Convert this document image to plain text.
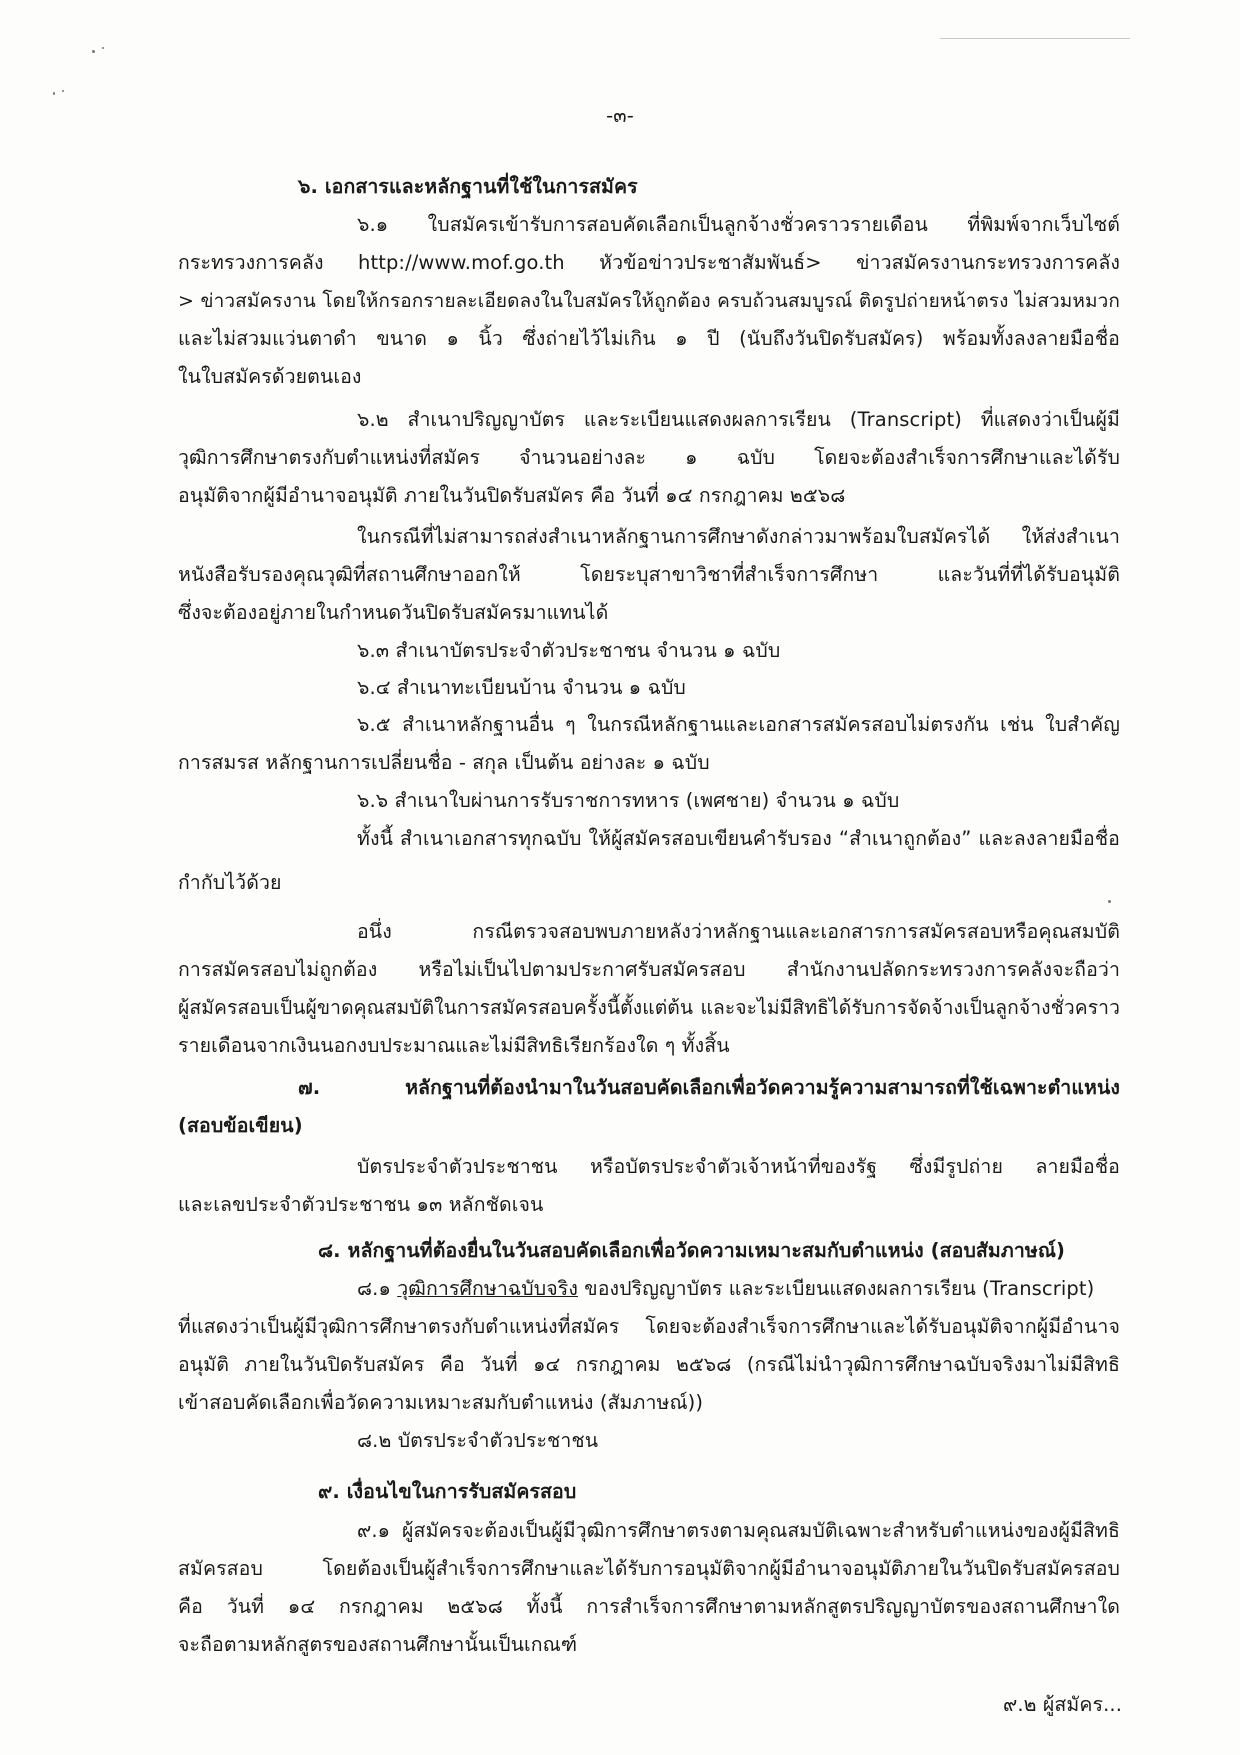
-๓-

๖. เอกสารและหลักฐานที่ใช้ในการสมัคร

๖.๑ ใบสมัครเข้ารับการสอบคัดเลือกเป็นลูกจ้างชั่วคราวรายเดือน ที่พิมพ์จากเว็บไซต์

กระทรวงการคลัง http://www.mof.go.th หัวข้อข่าวประชาสัมพันธ์> ข่าวสมัครงานกระทรวงการคลัง

> ข่าวสมัครงาน โดยให้กรอกรายละเอียดลงในใบสมัครให้ถูกต้อง ครบถ้วนสมบูรณ์ ติดรูปถ่ายหน้าตรง ไม่สวมหมวก

และไม่สวมแว่นตาดำ ขนาด ๑ นิ้ว ซึ่งถ่ายไว้ไม่เกิน ๑ ปี (นับถึงวันปิดรับสมัคร) พร้อมทั้งลงลายมือชื่อ

ในใบสมัครด้วยตนเอง

๖.๒ สำเนาปริญญาบัตร และระเบียนแสดงผลการเรียน (Transcript) ที่แสดงว่าเป็นผู้มี

วุฒิการศึกษาตรงกับตำแหน่งที่สมัคร จำนวนอย่างละ ๑ ฉบับ โดยจะต้องสำเร็จการศึกษาและได้รับ

อนุมัติจากผู้มีอำนาจอนุมัติ ภายในวันปิดรับสมัคร คือ วันที่ ๑๔ กรกฎาคม ๒๕๖๘

ในกรณีที่ไม่สามารถส่งสำเนาหลักฐานการศึกษาดังกล่าวมาพร้อมใบสมัครได้ ให้ส่งสำเนา

หนังสือรับรองคุณวุฒิที่สถานศึกษาออกให้ โดยระบุสาขาวิชาที่สำเร็จการศึกษา และวันที่ที่ได้รับอนุมัติ

ซึ่งจะต้องอยู่ภายในกำหนดวันปิดรับสมัครมาแทนได้

๖.๓ สำเนาบัตรประจำตัวประชาชน จำนวน ๑ ฉบับ

๖.๔ สำเนาทะเบียนบ้าน จำนวน ๑ ฉบับ

๖.๕ สำเนาหลักฐานอื่น ๆ ในกรณีหลักฐานและเอกสารสมัครสอบไม่ตรงกัน เช่น ใบสำคัญ

การสมรส หลักฐานการเปลี่ยนชื่อ - สกุล เป็นต้น อย่างละ ๑ ฉบับ

๖.๖ สำเนาใบผ่านการรับราชการทหาร (เพศชาย) จำนวน ๑ ฉบับ

ทั้งนี้ สำเนาเอกสารทุกฉบับ ให้ผู้สมัครสอบเขียนคำรับรอง “สำเนาถูกต้อง” และลงลายมือชื่อ

กำกับไว้ด้วย

อนึ่ง กรณีตรวจสอบพบภายหลังว่าหลักฐานและเอกสารการสมัครสอบหรือคุณสมบัติ

การสมัครสอบไม่ถูกต้อง หรือไม่เป็นไปตามประกาศรับสมัครสอบ สำนักงานปลัดกระทรวงการคลังจะถือว่า

ผู้สมัครสอบเป็นผู้ขาดคุณสมบัติในการสมัครสอบครั้งนี้ตั้งแต่ต้น และจะไม่มีสิทธิได้รับการจัดจ้างเป็นลูกจ้างชั่วคราว

รายเดือนจากเงินนอกงบประมาณและไม่มีสิทธิเรียกร้องใด ๆ ทั้งสิ้น

๗. หลักฐานที่ต้องนำมาในวันสอบคัดเลือกเพื่อวัดความรู้ความสามารถที่ใช้เฉพาะตำแหน่ง

(สอบข้อเขียน)

บัตรประจำตัวประชาชน หรือบัตรประจำตัวเจ้าหน้าที่ของรัฐ ซึ่งมีรูปถ่าย ลายมือชื่อ

และเลขประจำตัวประชาชน ๑๓ หลักชัดเจน

๘. หลักฐานที่ต้องยื่นในวันสอบคัดเลือกเพื่อวัดความเหมาะสมกับตำแหน่ง (สอบสัมภาษณ์)

๘.๑ วุฒิการศึกษาฉบับจริง ของปริญญาบัตร และระเบียนแสดงผลการเรียน (Transcript)

ที่แสดงว่าเป็นผู้มีวุฒิการศึกษาตรงกับตำแหน่งที่สมัคร โดยจะต้องสำเร็จการศึกษาและได้รับอนุมัติจากผู้มีอำนาจ

อนุมัติ ภายในวันปิดรับสมัคร คือ วันที่ ๑๔ กรกฎาคม ๒๕๖๘ (กรณีไม่นำวุฒิการศึกษาฉบับจริงมาไม่มีสิทธิ

เข้าสอบคัดเลือกเพื่อวัดความเหมาะสมกับตำแหน่ง (สัมภาษณ์))

๘.๒ บัตรประจำตัวประชาชน

๙. เงื่อนไขในการรับสมัครสอบ

๙.๑ ผู้สมัครจะต้องเป็นผู้มีวุฒิการศึกษาตรงตามคุณสมบัติเฉพาะสำหรับตำแหน่งของผู้มีสิทธิ

สมัครสอบ โดยต้องเป็นผู้สำเร็จการศึกษาและได้รับการอนุมัติจากผู้มีอำนาจอนุมัติภายในวันปิดรับสมัครสอบ

คือ วันที่ ๑๔ กรกฎาคม ๒๕๖๘ ทั้งนี้ การสำเร็จการศึกษาตามหลักสูตรปริญญาบัตรของสถานศึกษาใด

จะถือตามหลักสูตรของสถานศึกษานั้นเป็นเกณฑ์

๙.๒ ผู้สมัคร...
